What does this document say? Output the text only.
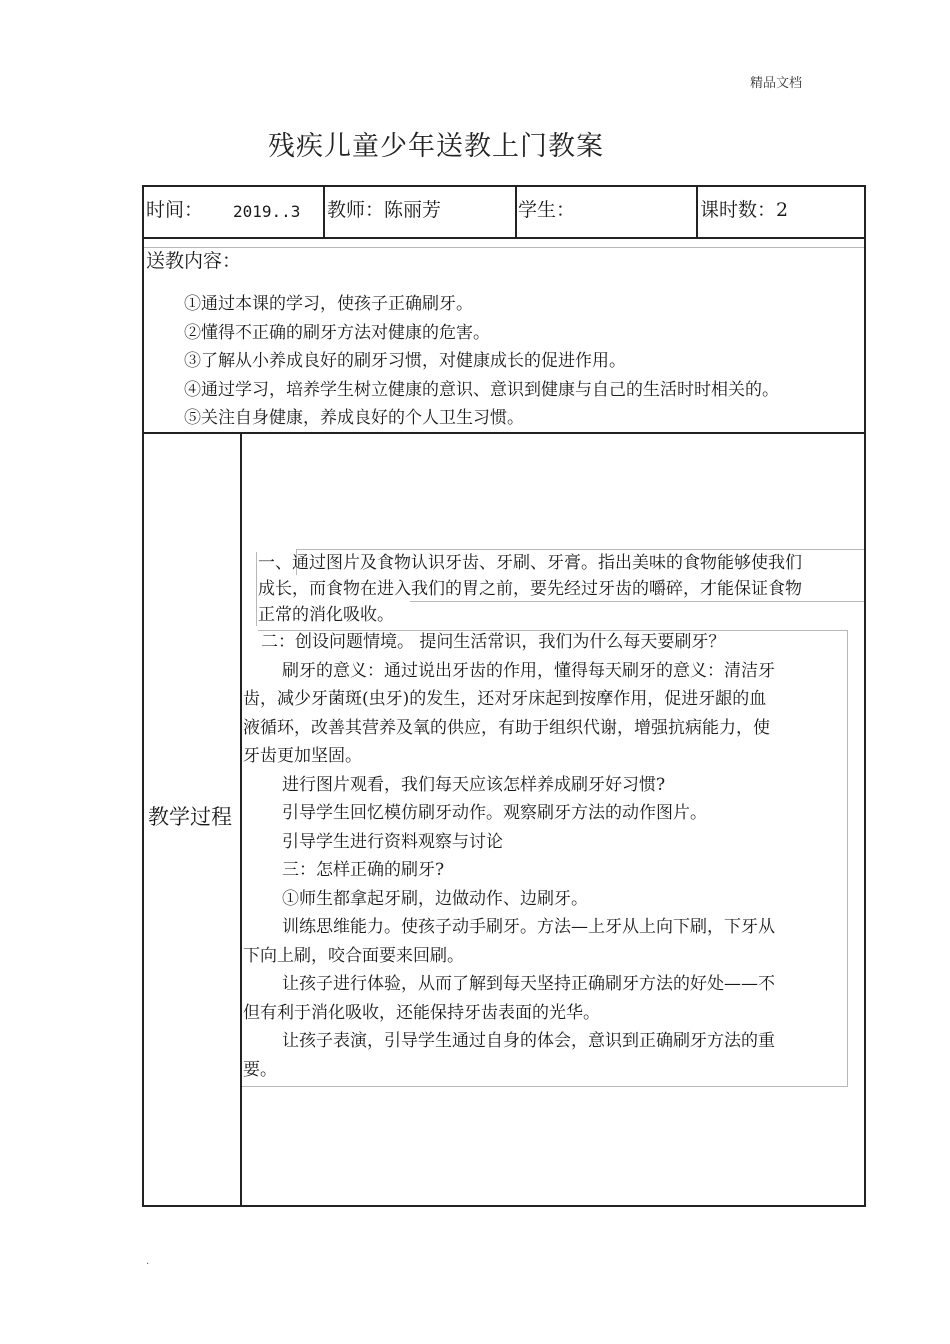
精品文档
残疾儿童少年送教上门教案
时间： 2019..3 教师：陈丽芳	学生：	课时数：2
送教内容：
①通过本课的学习，使孩子正确刷牙。
②懂得不正确的刷牙方法对健康的危害。
③了解从小养成良好的刷牙习惯，对健康成长的促进作用。
④通过学习，培养学生树立健康的意识、意识到健康与自己的生活时时相关的。
⑤关注自身健康，养成良好的个人卫生习惯。
教学过程
一、通过图片及食物认识牙齿、牙刷、牙膏。指出美味的食物能够使我们
成长，而食物在进入我们的胃之前，要先经过牙齿的嚼碎，才能保证食物
正常的消化吸收。
二：创设问题情境。 提问生活常识，我们为什么每天要刷牙？
刷牙的意义：通过说出牙齿的作用，懂得每天刷牙的意义：清洁牙
齿，减少牙菌斑(虫牙)的发生，还对牙床起到按摩作用，促进牙龈的血
液循环，改善其营养及氧的供应，有助于组织代谢，增强抗病能力，使
牙齿更加坚固。
进行图片观看，我们每天应该怎样养成刷牙好习惯?
引导学生回忆模仿刷牙动作。观察刷牙方法的动作图片。
引导学生进行资料观察与讨论
三：怎样正确的刷牙?
①师生都拿起牙刷，边做动作、边刷牙。
训练思维能力。使孩子动手刷牙。方法—上牙从上向下刷，下牙从
下向上刷，咬合面要来回刷。
让孩子进行体验，从而了解到每天坚持正确刷牙方法的好处——不
但有利于消化吸收，还能保持牙齿表面的光华。
让孩子表演，引导学生通过自身的体会，意识到正确刷牙方法的重
要。
.
